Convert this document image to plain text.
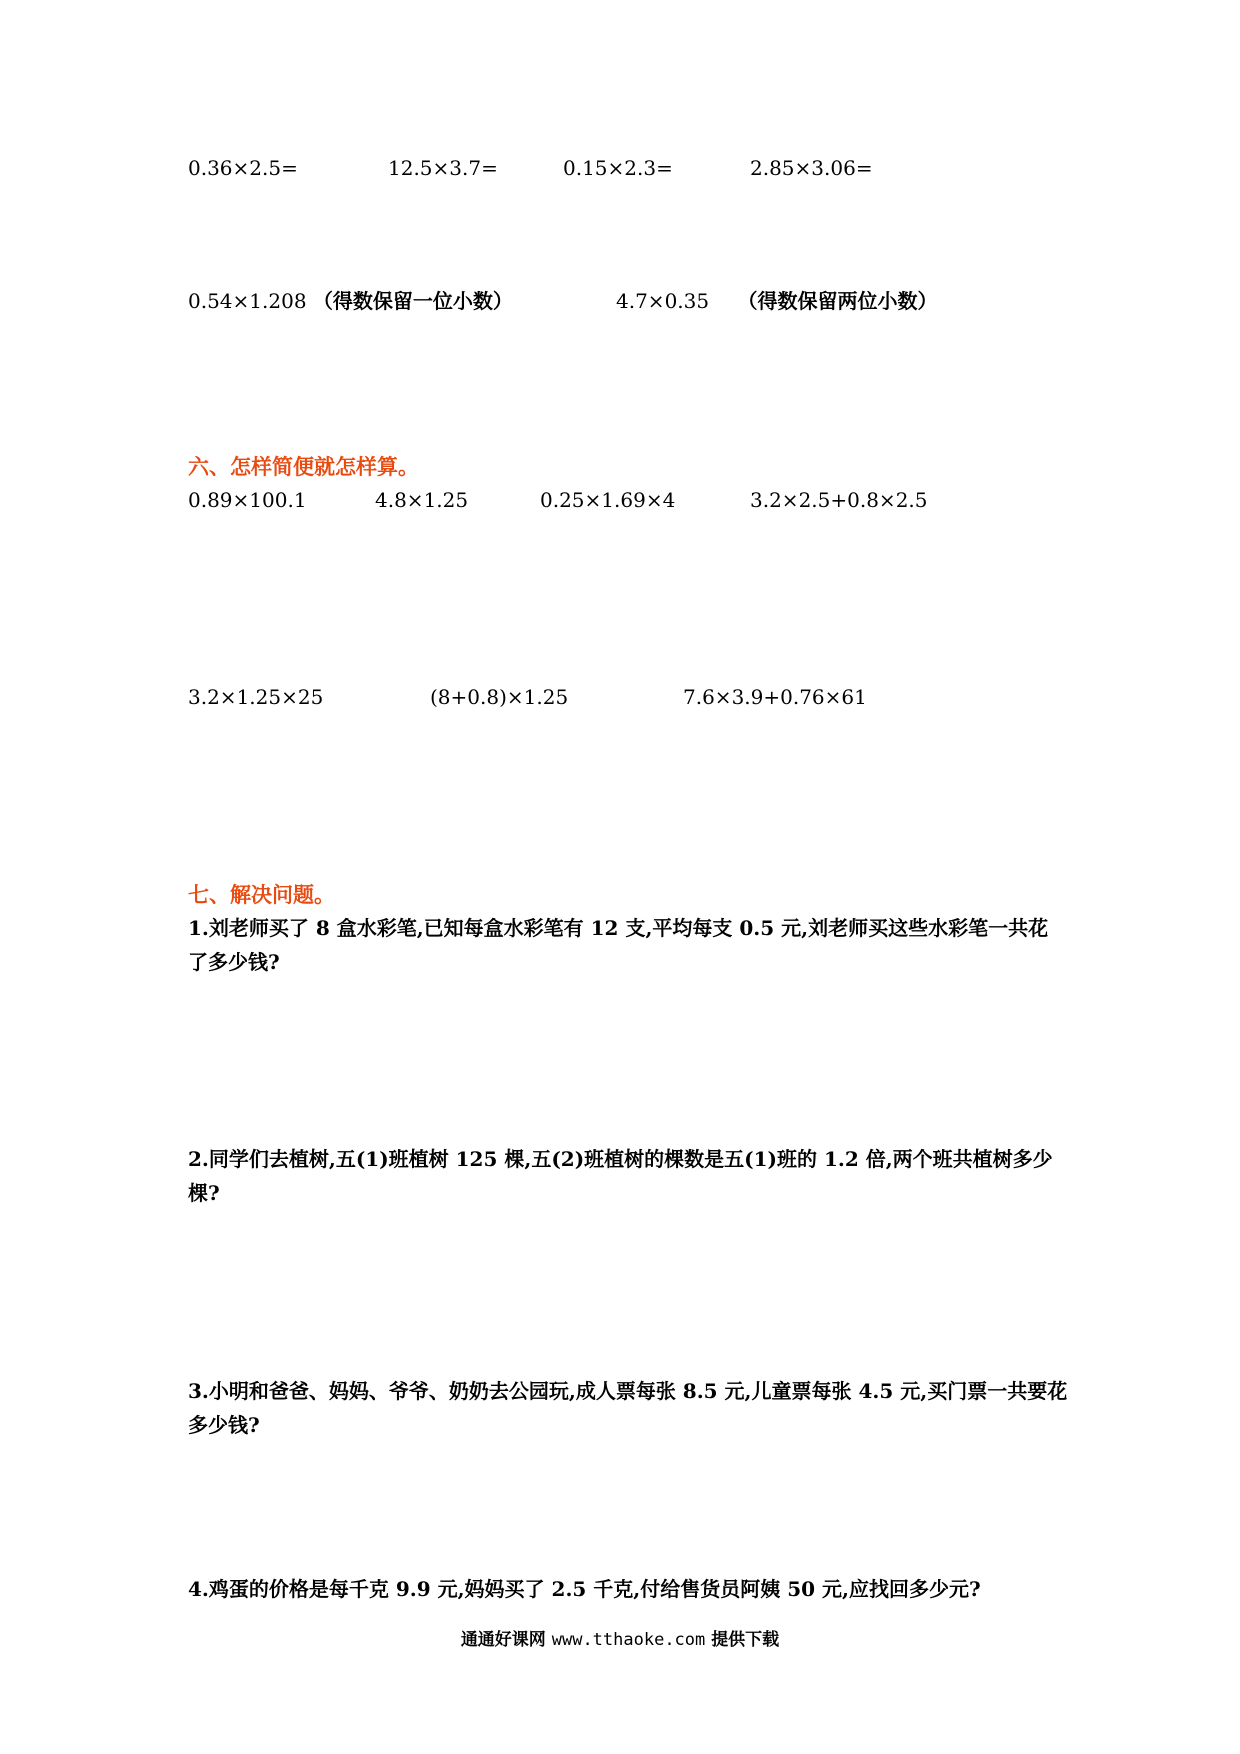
0.36×2.5=	12.5×3.7=	0.15×2.3=	2.85×3.06=
0.54×1.208 （得数保留一位小数）	4.7×0.35 （得数保留两位小数）
六、怎样简便就怎样算。
0.89×100.1	4.8×1.25	0.25×1.69×4	3.2×2.5+0.8×2.5
3.2×1.25×25	(8+0.8)×1.25	7.6×3.9+0.76×61
七、解决问题。
1.刘老师买了 8 盒水彩笔,已知每盒水彩笔有 12 支,平均每支 0.5 元,刘老师买这些水彩笔一共花了多少钱?
2.同学们去植树,五(1)班植树 125 棵,五(2)班植树的棵数是五(1)班的 1.2 倍,两个班共植树多少棵?
3.小明和爸爸、妈妈、爷爷、奶奶去公园玩,成人票每张 8.5 元,儿童票每张 4.5 元,买门票一共要花多少钱?
4.鸡蛋的价格是每千克 9.9 元,妈妈买了 2.5 千克,付给售货员阿姨 50 元,应找回多少元?
通通好课网 www.tthaoke.com 提供下载
